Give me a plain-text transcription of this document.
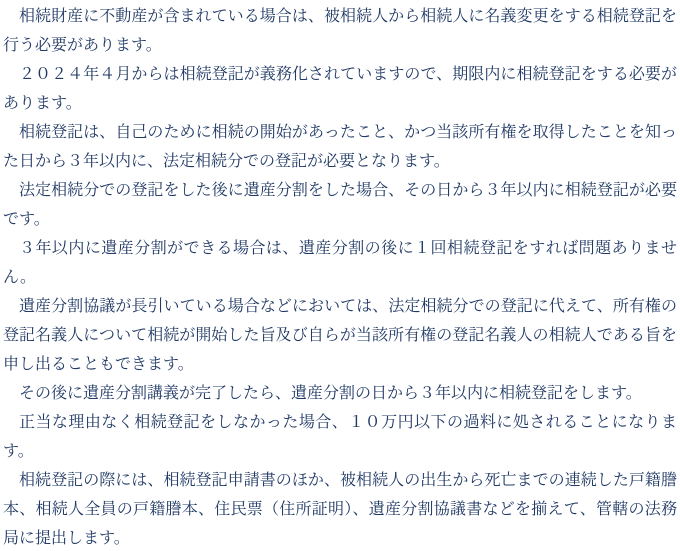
相続財産に不動産が含まれている場合は、被相続人から相続人に名義変更をする相続登記を行う必要があります。

２０２４年４月からは相続登記が義務化されていますので、期限内に相続登記をする必要があります。

相続登記は、自己のために相続の開始があったこと、かつ当該所有権を取得したことを知った日から３年以内に、法定相続分での登記が必要となります。

法定相続分での登記をした後に遺産分割をした場合、その日から３年以内に相続登記が必要です。

３年以内に遺産分割ができる場合は、遺産分割の後に１回相続登記をすれば問題ありません。

遺産分割協議が長引いている場合などにおいては、法定相続分での登記に代えて、所有権の登記名義人について相続が開始した旨及び自らが当該所有権の登記名義人の相続人である旨を申し出ることもできます。

その後に遺産分割講義が完了したら、遺産分割の日から３年以内に相続登記をします。

正当な理由なく相続登記をしなかった場合、１０万円以下の過料に処されることになります。

相続登記の際には、相続登記申請書のほか、被相続人の出生から死亡までの連続した戸籍謄本、相続人全員の戸籍謄本、住民票（住所証明）、遺産分割協議書などを揃えて、管轄の法務局に提出します。
